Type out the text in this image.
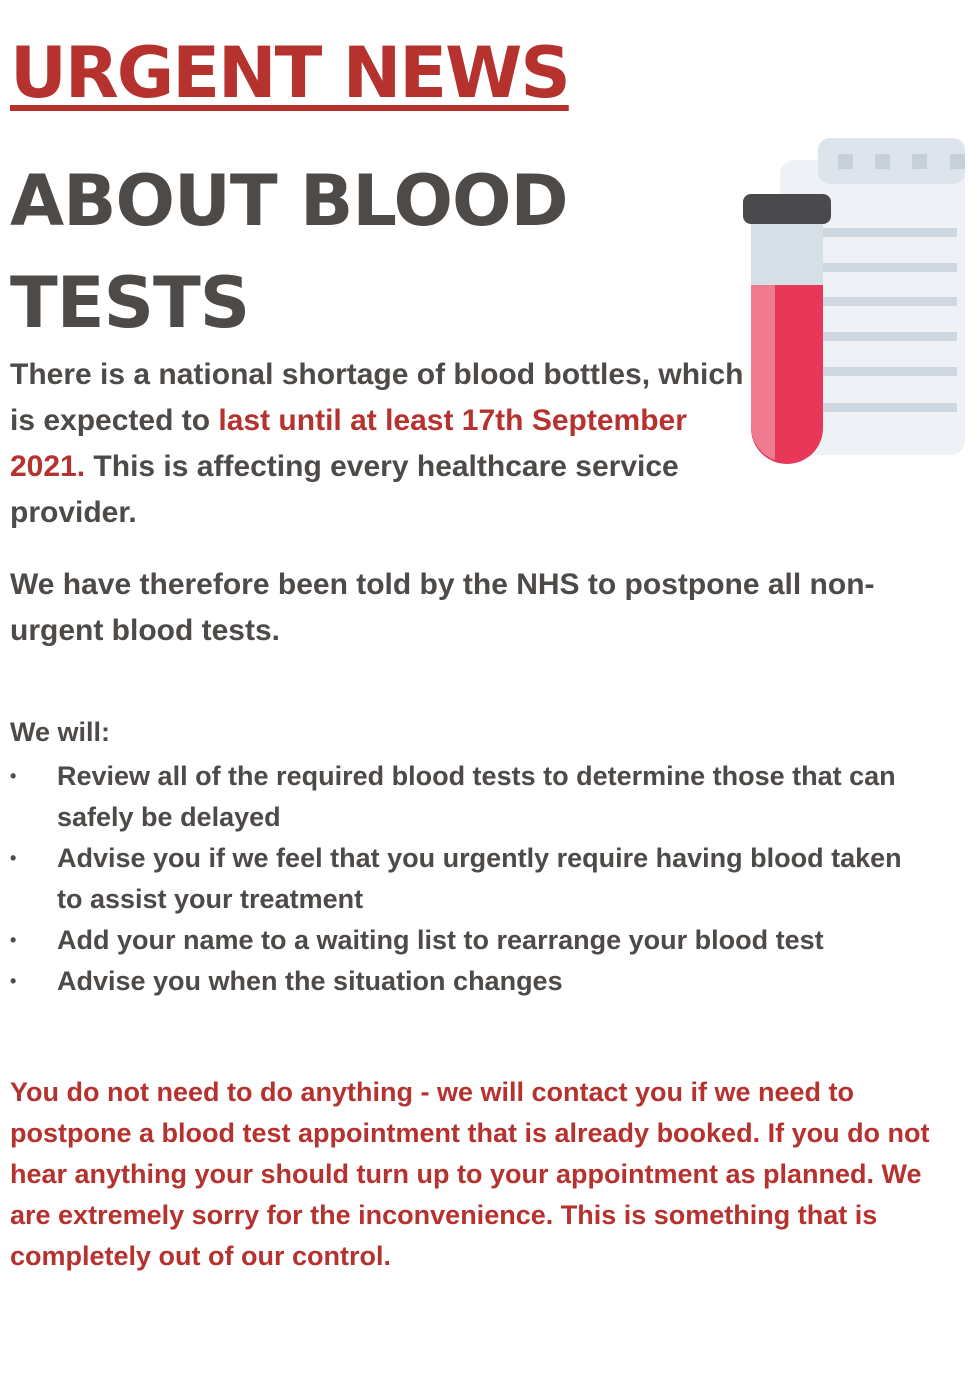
URGENT NEWS
ABOUT BLOOD TESTS

There is a national shortage of blood bottles, which is expected to last until at least 17th September 2021. This is affecting every healthcare service provider.

We have therefore been told by the NHS to postpone all non-urgent blood tests.

We will:

•	Review all of the required blood tests to determine those that can safely be delayed
•	Advise you if we feel that you urgently require having blood taken to assist your treatment
•	Add your name to a waiting list to rearrange your blood test
•	Advise you when the situation changes

You do not need to do anything - we will contact you if we need to postpone a blood test appointment that is already booked. If you do not hear anything your should turn up to your appointment as planned. We are extremely sorry for the inconvenience. This is something that is completely out of our control.
